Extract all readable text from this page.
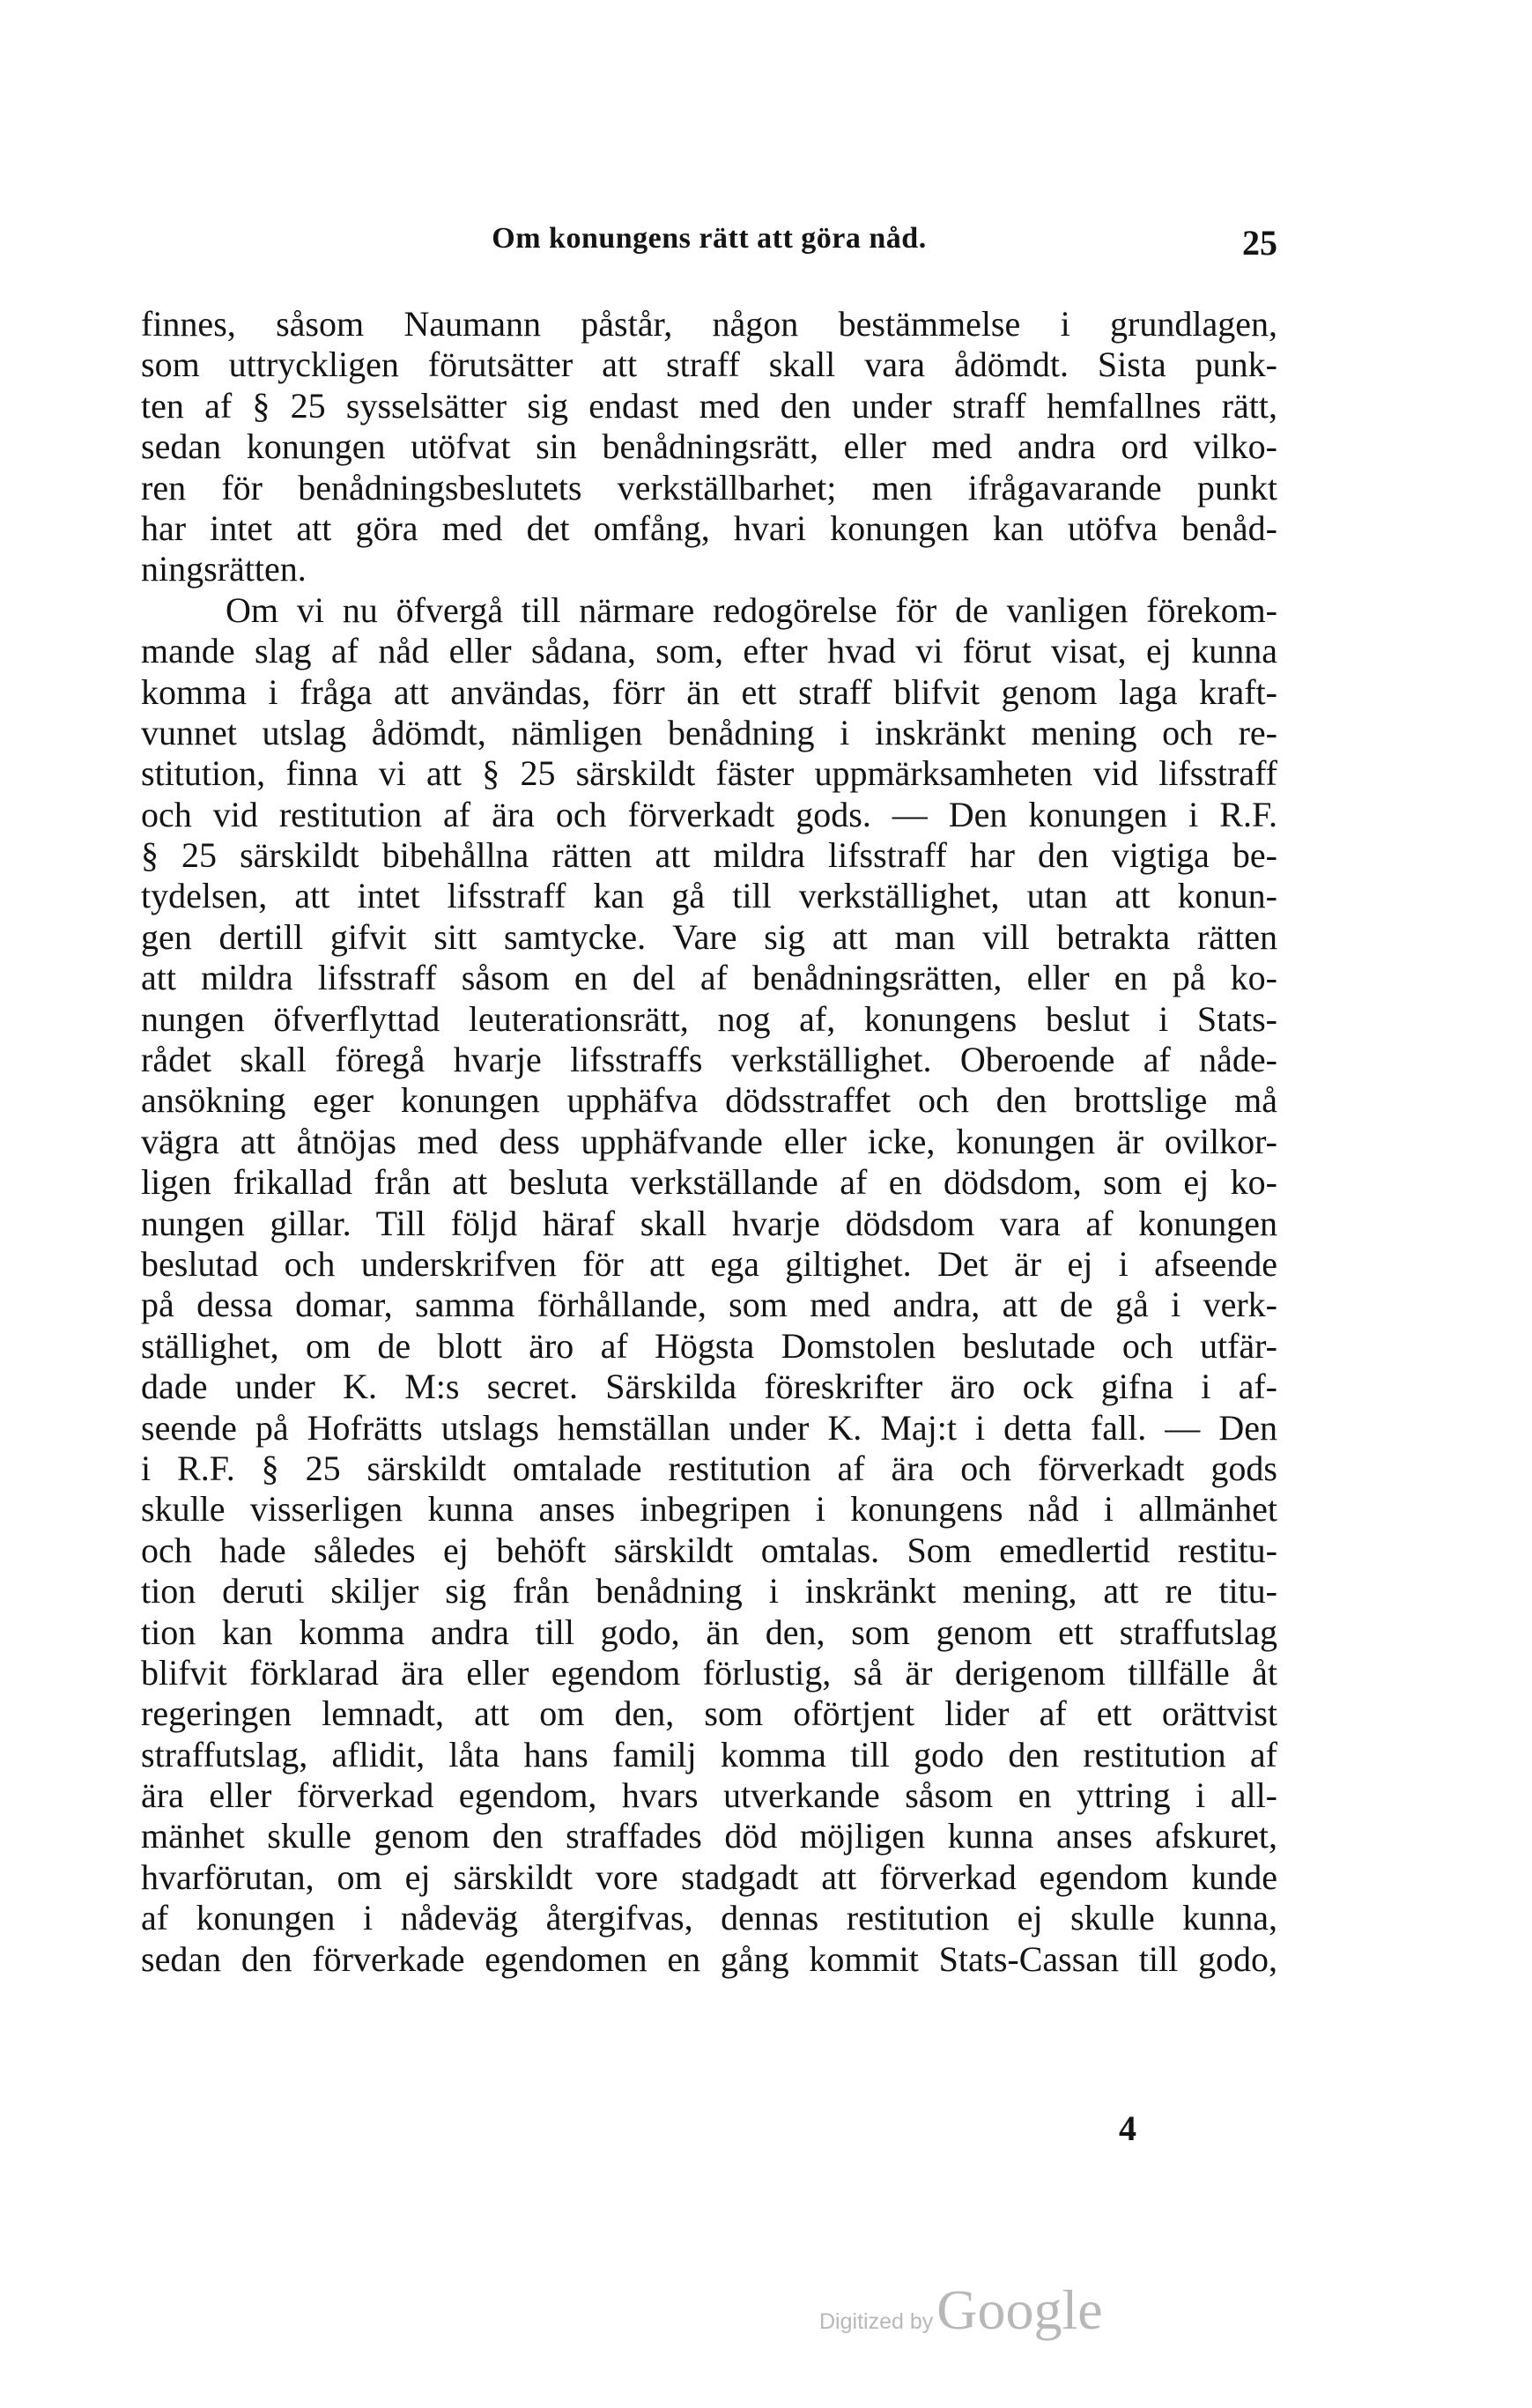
Om konungens rätt att göra nåd.	25
finnes, såsom Naumann påstår, någon bestämmelse i grundlagen,
som uttryckligen förutsätter att straff skall vara ådömdt. Sista punk-
ten af § 25 sysselsätter sig endast med den under straff hemfallnes rätt,
sedan konungen utöfvat sin benådningsrätt, eller med andra ord vilko-
ren för benådningsbeslutets verkställbarhet; men ifrågavarande punkt
har intet att göra med det omfång, hvari konungen kan utöfva benåd-
ningsrätten.
Om vi nu öfvergå till närmare redogörelse för de vanligen förekom-
mande slag af nåd eller sådana, som, efter hvad vi förut visat, ej kunna
komma i fråga att användas, förr än ett straff blifvit genom laga kraft-
vunnet utslag ådömdt, nämligen benådning i inskränkt mening och re-
stitution, finna vi att § 25 särskildt fäster uppmärksamheten vid lifsstraff
och vid restitution af ära och förverkadt gods. — Den konungen i R.F.
§ 25 särskildt bibehållna rätten att mildra lifsstraff har den vigtiga be-
tydelsen, att intet lifsstraff kan gå till verkställighet, utan att konun-
gen dertill gifvit sitt samtycke. Vare sig att man vill betrakta rätten
att mildra lifsstraff såsom en del af benådningsrätten, eller en på ko-
nungen öfverflyttad leuterationsrätt, nog af, konungens beslut i Stats-
rådet skall föregå hvarje lifsstraffs verkställighet. Oberoende af nåde-
ansökning eger konungen upphäfva dödsstraffet och den brottslige må
vägra att åtnöjas med dess upphäfvande eller icke, konungen är ovilkor-
ligen frikallad från att besluta verkställande af en dödsdom, som ej ko-
nungen gillar. Till följd häraf skall hvarje dödsdom vara af konungen
beslutad och underskrifven för att ega giltighet. Det är ej i afseende
på dessa domar, samma förhållande, som med andra, att de gå i verk-
ställighet, om de blott äro af Högsta Domstolen beslutade och utfär-
dade under K. M:s secret. Särskilda föreskrifter äro ock gifna i af-
seende på Hofrätts utslags hemställan under K. Maj:t i detta fall. — Den
i R.F. § 25 särskildt omtalade restitution af ära och förverkadt gods
skulle visserligen kunna anses inbegripen i konungens nåd i allmänhet
och hade således ej behöft särskildt omtalas. Som emedlertid restitu-
tion deruti skiljer sig från benådning i inskränkt mening, att re titu-
tion kan komma andra till godo, än den, som genom ett straffutslag
blifvit förklarad ära eller egendom förlustig, så är derigenom tillfälle åt
regeringen lemnadt, att om den, som oförtjent lider af ett orättvist
straffutslag, aflidit, låta hans familj komma till godo den restitution af
ära eller förverkad egendom, hvars utverkande såsom en yttring i all-
mänhet skulle genom den straffades död möjligen kunna anses afskuret,
hvarförutan, om ej särskildt vore stadgadt att förverkad egendom kunde
af konungen i nådeväg återgifvas, dennas restitution ej skulle kunna,
sedan den förverkade egendomen en gång kommit Stats-Cassan till godo,
4
Digitized by Google
